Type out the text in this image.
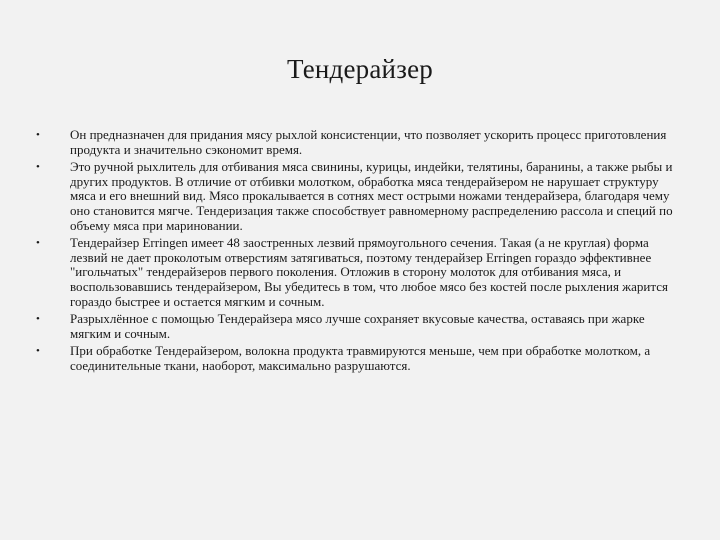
Тендерайзер
• Он предназначен для придания мясу рыхлой консистенции, что позволяет ускорить процесс приготовления продукта и значительно сэкономит время.
• Это ручной рыхлитель для отбивания мяса свинины, курицы, индейки, телятины, баранины, а также рыбы и других продуктов. В отличие от отбивки молотком, обработка мяса тендерайзером не нарушает структуру мяса и его внешний вид. Мясо прокалывается в сотнях мест острыми ножами тендерайзера, благодаря чему оно становится мягче. Тендеризация также способствует равномерному распределению рассола и специй по объему мяса при мариновании.
• Тендерайзер Erringen имеет 48 заостренных лезвий прямоугольного сечения. Такая (а не круглая) форма лезвий не дает проколотым отверстиям затягиваться, поэтому тендерайзер Erringen гораздо эффективнее "игольчатых" тендерайзеров первого поколения. Отложив в сторону молоток для отбивания мяса, и воспользовавшись тендерайзером, Вы убедитесь в том, что любое мясо без костей после рыхления жарится гораздо быстрее и остается мягким и сочным.
• Разрыхлённое с помощью Тендерайзера мясо лучше сохраняет вкусовые качества, оставаясь при жарке мягким и сочным.
• При обработке Тендерайзером, волокна продукта травмируются меньше, чем при обработке молотком, а соединительные ткани, наоборот, максимально разрушаются.
